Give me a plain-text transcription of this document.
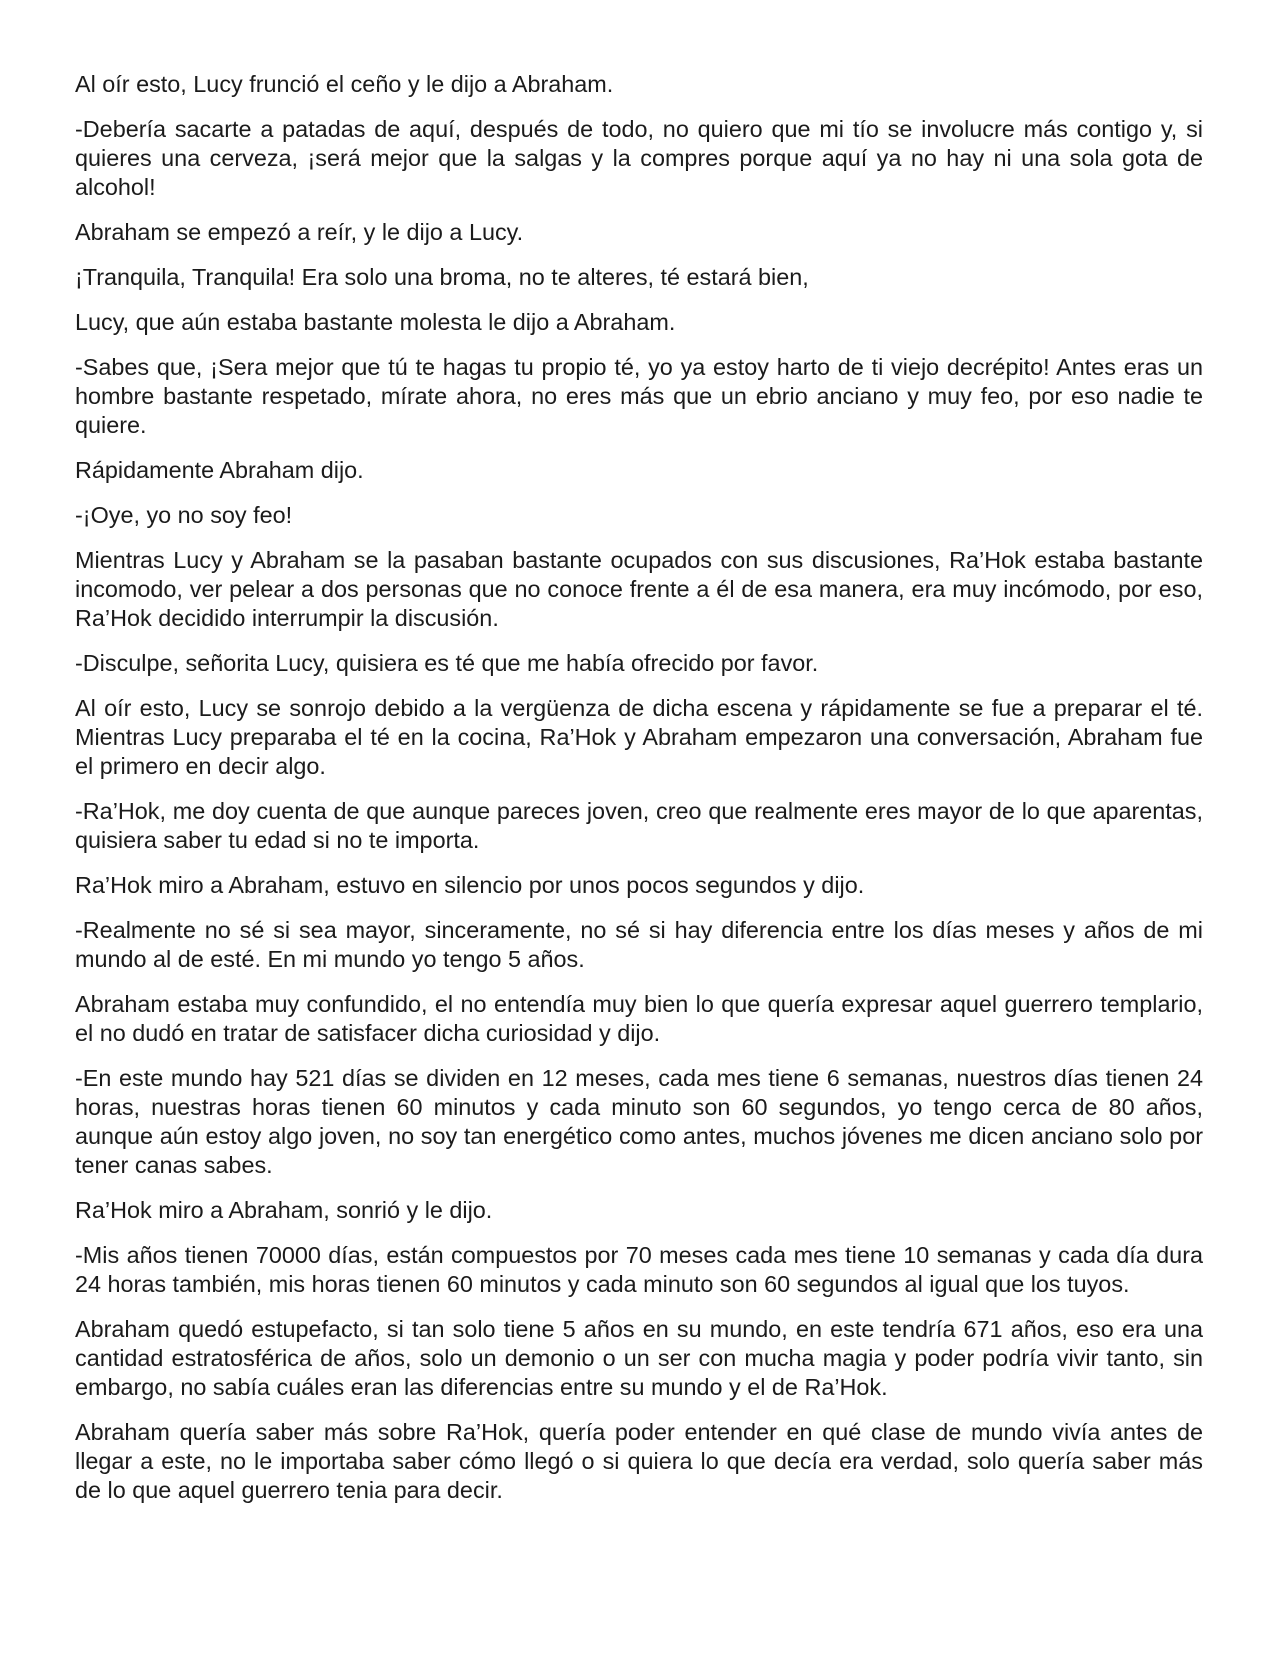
Al oír esto, Lucy frunció el ceño y le dijo a Abraham.

-Debería sacarte a patadas de aquí, después de todo, no quiero que mi tío se involucre más contigo y, si quieres una cerveza, ¡será mejor que la salgas y la compres porque aquí ya no hay ni una sola gota de alcohol!

Abraham se empezó a reír, y le dijo a Lucy.

¡Tranquila, Tranquila! Era solo una broma, no te alteres, té estará bien,

Lucy, que aún estaba bastante molesta le dijo a Abraham.

-Sabes que, ¡Sera mejor que tú te hagas tu propio té, yo ya estoy harto de ti viejo decrépito! Antes eras un hombre bastante respetado, mírate ahora, no eres más que un ebrio anciano y muy feo, por eso nadie te quiere.

Rápidamente Abraham dijo.

-¡Oye, yo no soy feo!

Mientras Lucy y Abraham se la pasaban bastante ocupados con sus discusiones, Ra’Hok estaba bastante incomodo, ver pelear a dos personas que no conoce frente a él de esa manera, era muy incómodo, por eso, Ra’Hok decidido interrumpir la discusión.

-Disculpe, señorita Lucy, quisiera es té que me había ofrecido por favor.

Al oír esto, Lucy se sonrojo debido a la vergüenza de dicha escena y rápidamente se fue a preparar el té. Mientras Lucy preparaba el té en la cocina, Ra’Hok y Abraham empezaron una conversación, Abraham fue el primero en decir algo.

-Ra’Hok, me doy cuenta de que aunque pareces joven, creo que realmente eres mayor de lo que aparentas, quisiera saber tu edad si no te importa.

Ra’Hok miro a Abraham, estuvo en silencio por unos pocos segundos y dijo.

-Realmente no sé si sea mayor, sinceramente, no sé si hay diferencia entre los días meses y años de mi mundo al de esté. En mi mundo yo tengo 5 años.

Abraham estaba muy confundido, el no entendía muy bien lo que quería expresar aquel guerrero templario, el no dudó en tratar de satisfacer dicha curiosidad y dijo.

-En este mundo hay 521 días se dividen en 12 meses, cada mes tiene 6 semanas, nuestros días tienen 24 horas, nuestras horas tienen 60 minutos y cada minuto son 60 segundos, yo tengo cerca de 80 años, aunque aún estoy algo joven, no soy tan energético como antes, muchos jóvenes me dicen anciano solo por tener canas sabes.

Ra’Hok miro a Abraham, sonrió y le dijo.

-Mis años tienen 70000 días, están compuestos por 70 meses cada mes tiene 10 semanas y cada día dura 24 horas también, mis horas tienen 60 minutos y cada minuto son 60 segundos al igual que los tuyos.

Abraham quedó estupefacto, si tan solo tiene 5 años en su mundo, en este tendría 671 años, eso era una cantidad estratosférica de años, solo un demonio o un ser con mucha magia y poder podría vivir tanto, sin embargo, no sabía cuáles eran las diferencias entre su mundo y el de Ra’Hok.

Abraham quería saber más sobre Ra’Hok, quería poder entender en qué clase de mundo vivía antes de llegar a este, no le importaba saber cómo llegó o si quiera lo que decía era verdad, solo quería saber más de lo que aquel guerrero tenia para decir.
